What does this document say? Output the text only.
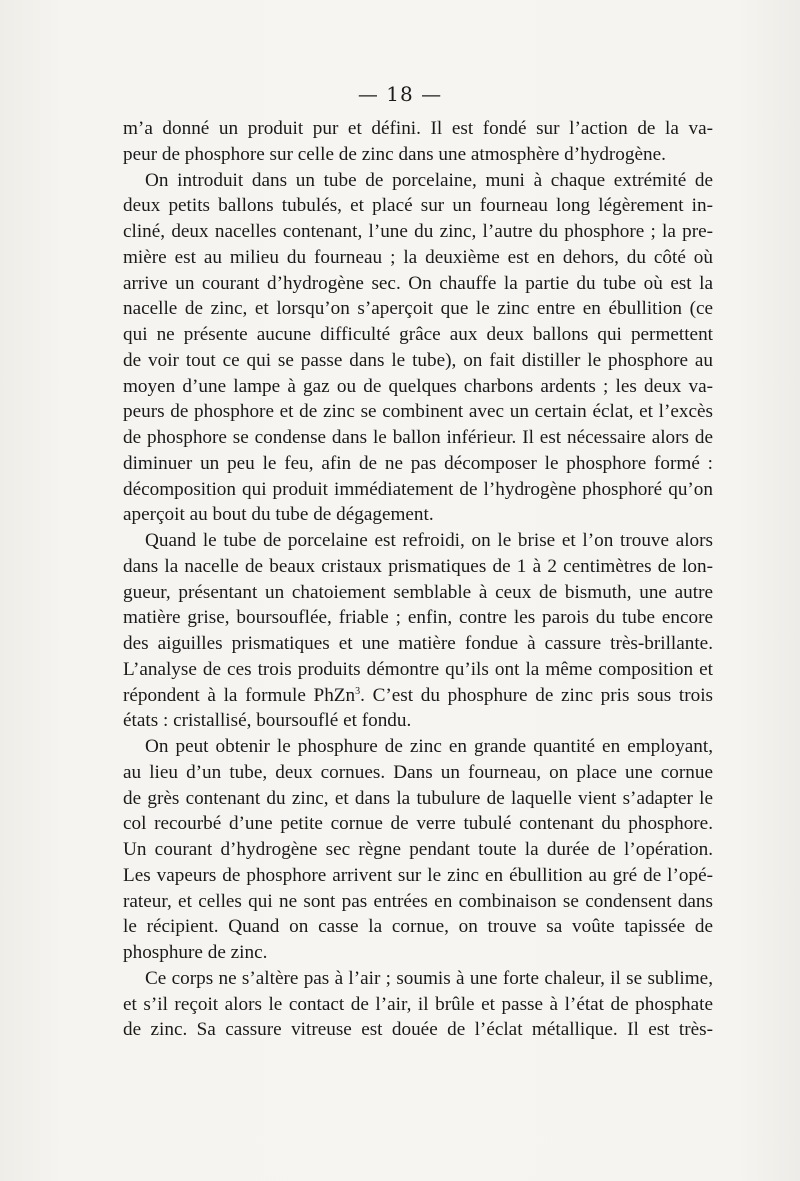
— 18 —
m’a donné un produit pur et défini. Il est fondé sur l’action de la va-
peur de phosphore sur celle de zinc dans une atmosphère d’hydrogène.
On introduit dans un tube de porcelaine, muni à chaque extrémité de
deux petits ballons tubulés, et placé sur un fourneau long légèrement in-
cliné, deux nacelles contenant, l’une du zinc, l’autre du phosphore ; la pre-
mière est au milieu du fourneau ; la deuxième est en dehors, du côté où
arrive un courant d’hydrogène sec. On chauffe la partie du tube où est la
nacelle de zinc, et lorsqu’on s’aperçoit que le zinc entre en ébullition (ce
qui ne présente aucune difficulté grâce aux deux ballons qui permettent
de voir tout ce qui se passe dans le tube), on fait distiller le phosphore au
moyen d’une lampe à gaz ou de quelques charbons ardents ; les deux va-
peurs de phosphore et de zinc se combinent avec un certain éclat, et l’excès
de phosphore se condense dans le ballon inférieur. Il est nécessaire alors de
diminuer un peu le feu, afin de ne pas décomposer le phosphore formé :
décomposition qui produit immédiatement de l’hydrogène phosphoré qu’on
aperçoit au bout du tube de dégagement.
Quand le tube de porcelaine est refroidi, on le brise et l’on trouve alors
dans la nacelle de beaux cristaux prismatiques de 1 à 2 centimètres de lon-
gueur, présentant un chatoiement semblable à ceux de bismuth, une autre
matière grise, boursouflée, friable ; enfin, contre les parois du tube encore
des aiguilles prismatiques et une matière fondue à cassure très-brillante.
L’analyse de ces trois produits démontre qu’ils ont la même composition et
répondent à la formule PhZn$^3$. C’est du phosphure de zinc pris sous trois
états : cristallisé, boursouflé et fondu.
On peut obtenir le phosphure de zinc en grande quantité en employant,
au lieu d’un tube, deux cornues. Dans un fourneau, on place une cornue
de grès contenant du zinc, et dans la tubulure de laquelle vient s’adapter le
col recourbé d’une petite cornue de verre tubulé contenant du phosphore.
Un courant d’hydrogène sec règne pendant toute la durée de l’opération.
Les vapeurs de phosphore arrivent sur le zinc en ébullition au gré de l’opé-
rateur, et celles qui ne sont pas entrées en combinaison se condensent dans
le récipient. Quand on casse la cornue, on trouve sa voûte tapissée de
phosphure de zinc.
Ce corps ne s’altère pas à l’air ; soumis à une forte chaleur, il se sublime,
et s’il reçoit alors le contact de l’air, il brûle et passe à l’état de phosphate
de zinc. Sa cassure vitreuse est douée de l’éclat métallique. Il est très-
